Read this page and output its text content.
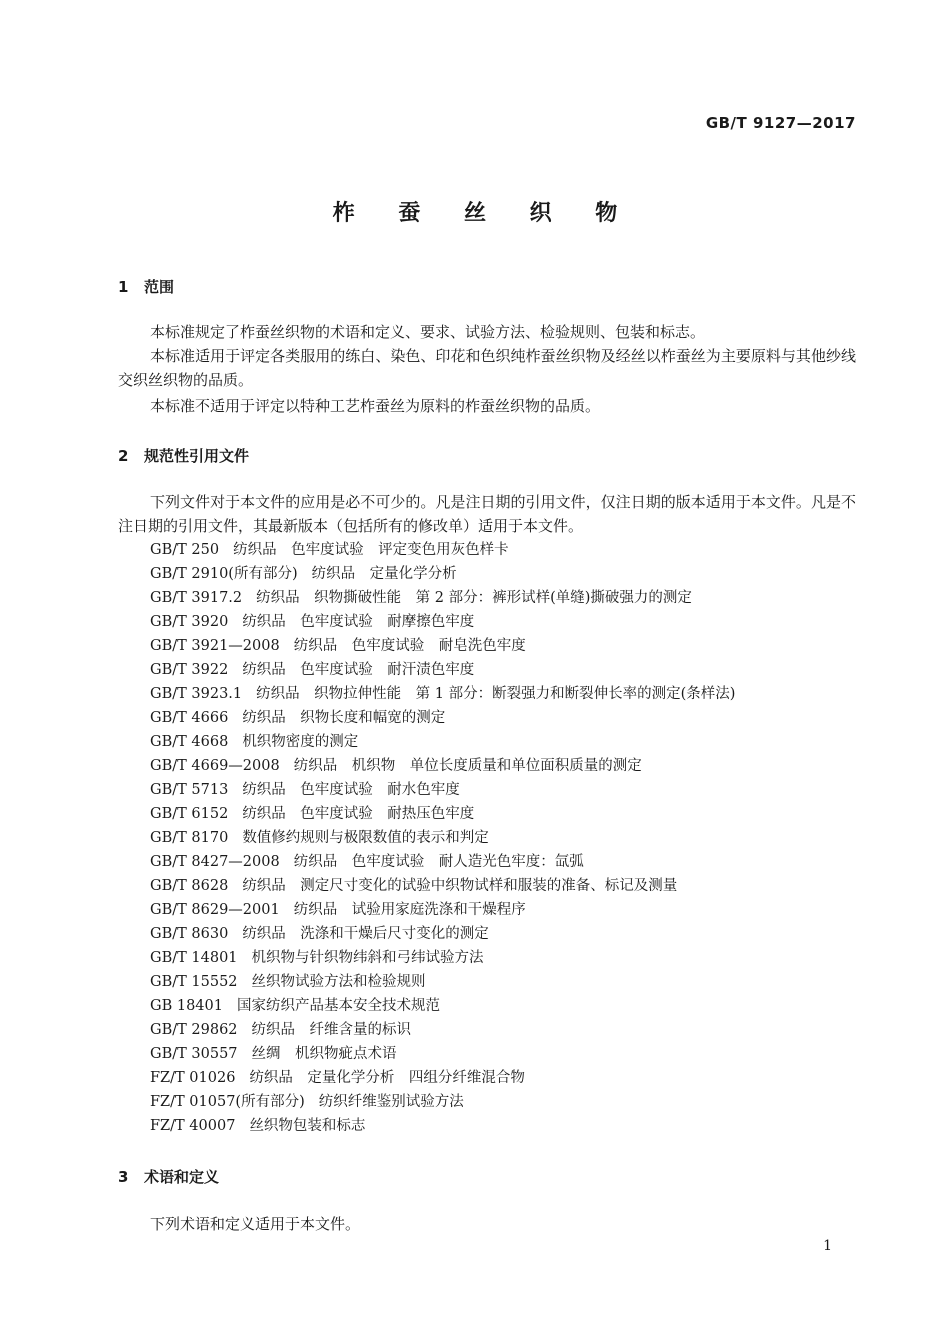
GB/T 9127—2017
柞 蚕 丝 织 物
1 范围
本标准规定了柞蚕丝织物的术语和定义、要求、试验方法、检验规则、包装和标志。
本标准适用于评定各类服用的练白、染色、印花和色织纯柞蚕丝织物及经丝以柞蚕丝为主要原料与其他纱线交织丝织物的品质。
本标准不适用于评定以特种工艺柞蚕丝为原料的柞蚕丝织物的品质。
2 规范性引用文件
下列文件对于本文件的应用是必不可少的。凡是注日期的引用文件，仅注日期的版本适用于本文件。凡是不注日期的引用文件，其最新版本（包括所有的修改单）适用于本文件。
GB/T 250 纺织品　色牢度试验　评定变色用灰色样卡
GB/T 2910(所有部分) 纺织品　定量化学分析
GB/T 3917.2 纺织品　织物撕破性能　第 2 部分：裤形试样(单缝)撕破强力的测定
GB/T 3920 纺织品　色牢度试验　耐摩擦色牢度
GB/T 3921—2008 纺织品　色牢度试验　耐皂洗色牢度
GB/T 3922 纺织品　色牢度试验　耐汗渍色牢度
GB/T 3923.1 纺织品　织物拉伸性能　第 1 部分：断裂强力和断裂伸长率的测定(条样法)
GB/T 4666 纺织品　织物长度和幅宽的测定
GB/T 4668 机织物密度的测定
GB/T 4669—2008 纺织品　机织物　单位长度质量和单位面积质量的测定
GB/T 5713 纺织品　色牢度试验　耐水色牢度
GB/T 6152 纺织品　色牢度试验　耐热压色牢度
GB/T 8170 数值修约规则与极限数值的表示和判定
GB/T 8427—2008 纺织品　色牢度试验　耐人造光色牢度：氙弧
GB/T 8628 纺织品　测定尺寸变化的试验中织物试样和服装的准备、标记及测量
GB/T 8629—2001 纺织品　试验用家庭洗涤和干燥程序
GB/T 8630 纺织品　洗涤和干燥后尺寸变化的测定
GB/T 14801 机织物与针织物纬斜和弓纬试验方法
GB/T 15552 丝织物试验方法和检验规则
GB 18401 国家纺织产品基本安全技术规范
GB/T 29862 纺织品　纤维含量的标识
GB/T 30557 丝绸　机织物疵点术语
FZ/T 01026 纺织品　定量化学分析　四组分纤维混合物
FZ/T 01057(所有部分) 纺织纤维鉴别试验方法
FZ/T 40007 丝织物包装和标志
3 术语和定义
下列术语和定义适用于本文件。
1
